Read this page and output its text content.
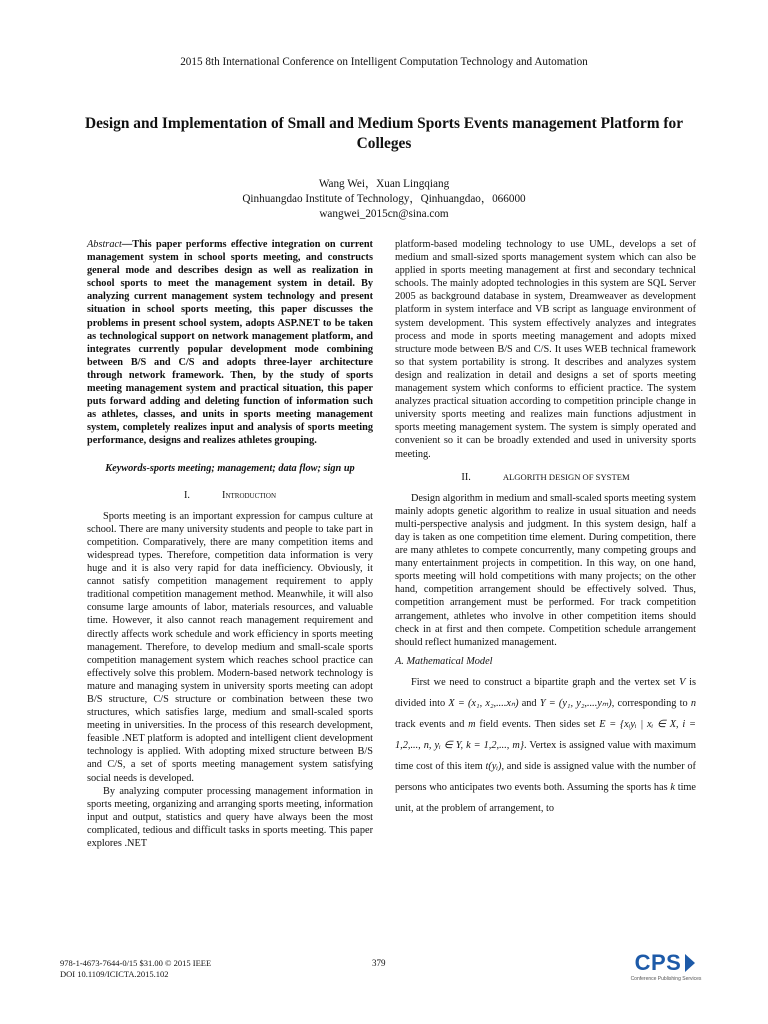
2015 8th International Conference on Intelligent Computation Technology and Automation
Design and Implementation of Small and Medium Sports Events management Platform for Colleges
Wang Wei，Xuan Lingqiang
Qinhuangdao Institute of Technology，Qinhuangdao，066000
wangwei_2015cn@sina.com

Abstract—This paper performs effective integration on current management system in school sports meeting, and constructs general mode and describes design as well as realization in school sports to meet the management system in detail. By analyzing current management system technology and present situation in school sports meeting, this paper discusses the problems in present school system, adopts ASP.NET to be taken as technological support on network management platform, and integrates currently popular development mode combining between B/S and C/S and adopts three-layer architecture through network framework. Then, by the study of sports meeting management system and practical situation, this paper puts forward adding and deleting function of information such as athletes, classes, and units in sports meeting management system, completely realizes input and analysis of sports meeting performance, designs and realizes athletes grouping.

Keywords-sports meeting; management; data flow; sign up

I.	Introduction

Sports meeting is an important expression for campus culture at school. There are many university students and people to take part in competition. Comparatively, there are many competition items and widespread types. Therefore, competition data information is very huge and it is also very rapid for data inefficiency. Obviously, it cannot satisfy competition management requirement to apply traditional competition management method. Meanwhile, it will also consume large amounts of labor, materials resources, and valuable time. However, it also cannot reach management requirement and directly affects work schedule and work efficiency in sports meeting management. Therefore, to develop medium and small-scale sports competition management system which reaches school practice can effectively solve this problem. Modern-based network technology is mature and managing system in university sports meeting can adopt B/S structure, C/S structure or combination between these two structures, which satisfies large, medium and small-scaled sports meeting in universities. In the process of this research development, feasible .NET platform is adopted and intelligent client development technology is applied. With adopting mixed structure between B/S and C/S, a set of sports meeting management system satisfying social needs is developed.

By analyzing computer processing management information in sports meeting, organizing and arranging sports meeting, information input and output, statistics and query have always been the most complicated, tedious and difficult tasks in sports meeting. This paper explores .NET

platform-based modeling technology to use UML, develops a set of medium and small-sized sports management system which can also be applied in sports meeting management at first and secondary technical schools. The mainly adopted technologies in this system are SQL Server 2005 as background database in system, Dreamweaver as development platform in system interface and VB script as language environment of system development. This system effectively analyzes and integrates process and mode in sports meeting management and adopts mixed structure mode between B/S and C/S. It uses WEB technical framework so that system portability is strong. It describes and analyzes system design and realization in detail and designs a set of sports meeting management system which conforms to efficient practice. The system analyzes practical situation according to competition principle change in university sports meeting and realizes main functions adjustment in sports meeting management system. The system is simply operated and convenient so it can be broadly extended and used in university sports meeting.

II.	ALGORITH DESIGN OF SYSTEM

Design algorithm in medium and small-scaled sports meeting system mainly adopts genetic algorithm to realize in usual situation and needs multi-perspective analysis and judgment. In this system design, half a day is taken as one competition time element. During competition, there are many athletes to compete concurrently, many competing groups and many entertainment projects in competition. In this way, on one hand, sports meeting will hold competitions with many projects; on the other hand, competition arrangement should be effectively solved. Thus, competition arrangement must be performed. For track competition arrangement, athletes who involve in other competition items should check in at first and then compete. Competition schedule arrangement should reflect humanized management.

A. Mathematical Model

First we need to construct a bipartite graph and the vertex set V is divided into X = (x₁, x₂,....xₙ) and Y = (y₁, y₂,....yₘ), corresponding to n track events and m field events. Then sides set E = {xᵢyᵢ | xᵢ ∈ X, i = 1,2,..., n, yᵢ ∈ Y, k = 1,2,..., m}. Vertex is assigned value with maximum time cost of this item t(yᵢ), and side is assigned value with the number of persons who anticipates two events both. Assuming the sports has k time unit, at the problem of arrangement, to

978-1-4673-7644-0/15 $31.00 © 2015 IEEE
DOI 10.1109/ICICTA.2015.102
379	CPS
Conference Publishing Services
